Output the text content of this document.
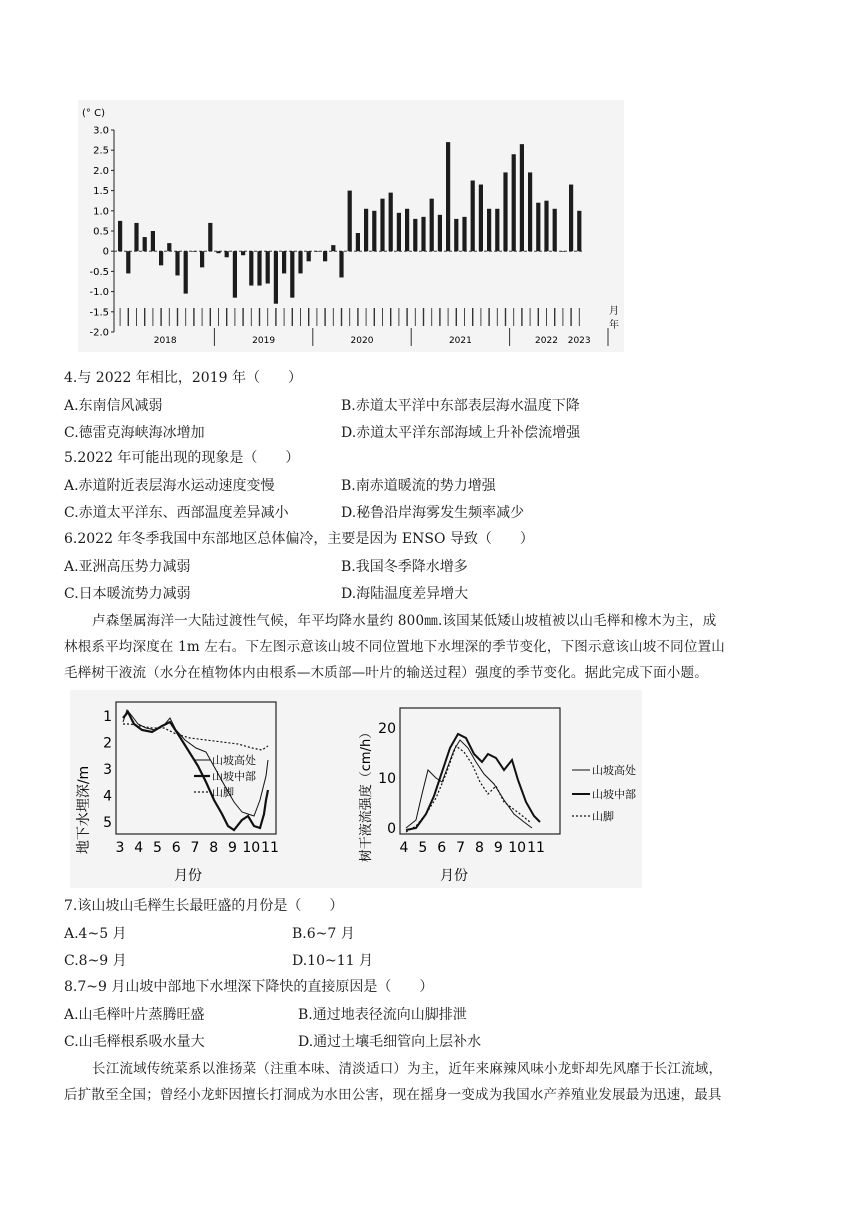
(° C)
3.0
2.5
2.0
1.5
1.0
0.5
0
-0.5
-1.0
-1.5
-2.0
2018	2019	2020	2021	2022 2023
月
年
4.与 2022 年相比，2019 年（　　）
A.东南信风减弱	B.赤道太平洋中东部表层海水温度下降
C.德雷克海峡海冰增加	D.赤道太平洋东部海域上升补偿流增强
5.2022 年可能出现的现象是（　　）
A.赤道附近表层海水运动速度变慢	B.南赤道暖流的势力增强
C.赤道太平洋东、西部温度差异减小	D.秘鲁沿岸海雾发生频率减少
6.2022 年冬季我国中东部地区总体偏冷，主要是因为 ENSO 导致（　　）
A.亚洲高压势力减弱	B.我国冬季降水增多
C.日本暖流势力减弱	D.海陆温度差异增大
卢森堡属海洋一大陆过渡性气候，年平均降水量约 800㎜.该国某低矮山坡植被以山毛榉和橡木为主，成
林根系平均深度在 1m 左右。下左图示意该山坡不同位置地下水埋深的季节变化，下图示意该山坡不同位置山
毛榉树干液流（水分在植物体内由根系—木质部—叶片的输送过程）强度的季节变化。据此完成下面小题。
地下水埋深/m
1
2
3
4
5
3 4 5 6 7 8 9 10 11
月份
山坡高处
山坡中部
山脚	树干液流强度（cm/h） 20
10
0
4 5 6 7 8 9 10 11
月份
山坡高处
山坡中部
山脚
7.该山坡山毛榉生长最旺盛的月份是（　　）
A.4~5 月	B.6~7 月
C.8~9 月	D.10~11 月
8.7~9 月山坡中部地下水埋深下降快的直接原因是（　　）
A.山毛榉叶片蒸腾旺盛	B.通过地表径流向山脚排泄
C.山毛榉根系吸水量大	D.通过土壤毛细管向上层补水
长江流域传统菜系以淮扬菜（注重本味、清淡适口）为主，近年来麻辣风味小龙虾却先风靡于长江流域，
后扩散至全国；曾经小龙虾因擅长打洞成为水田公害，现在摇身一变成为我国水产养殖业发展最为迅速，最具
